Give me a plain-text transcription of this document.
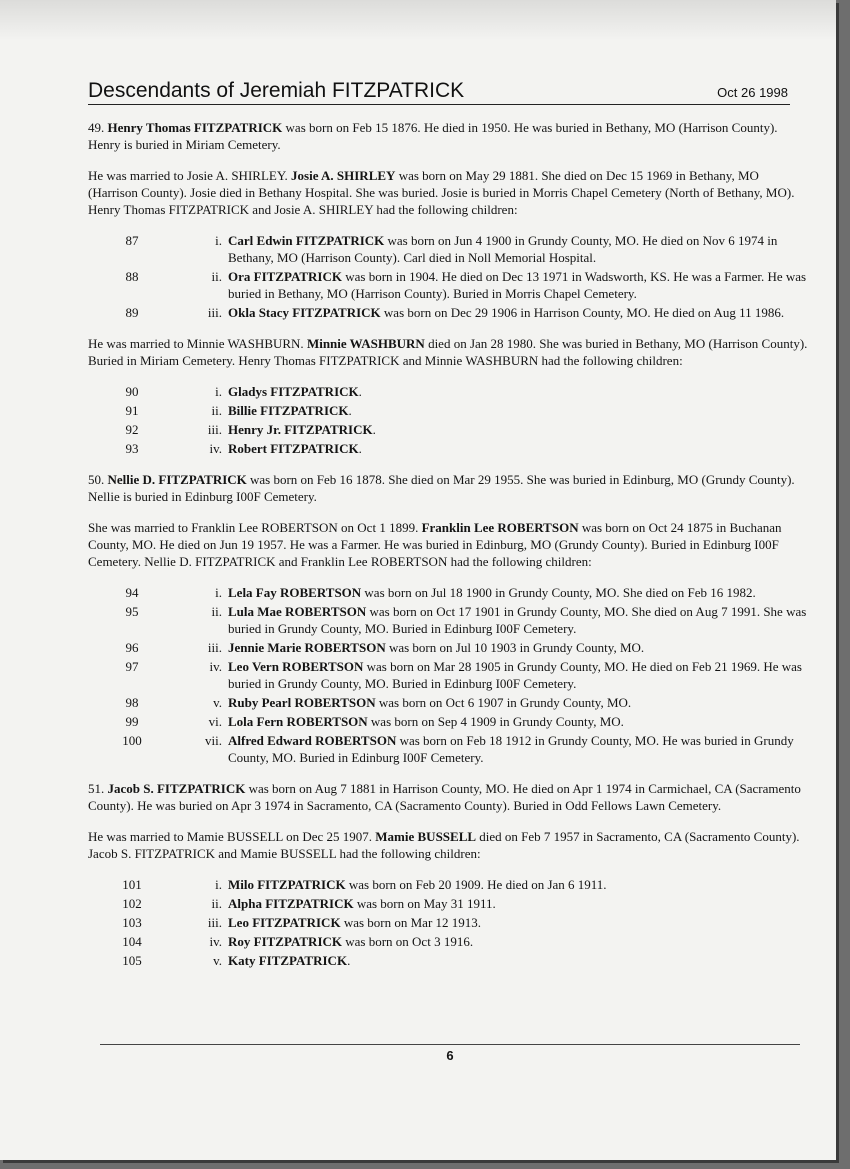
Descendants of Jeremiah FITZPATRICK	Oct 26 1998

49. Henry Thomas FITZPATRICK was born on Feb 15 1876. He died in 1950. He was buried in Bethany, MO (Harrison County). Henry is buried in Miriam Cemetery.

He was married to Josie A. SHIRLEY. Josie A. SHIRLEY was born on May 29 1881. She died on Dec 15 1969 in Bethany, MO (Harrison County). Josie died in Bethany Hospital. She was buried. Josie is buried in Morris Chapel Cemetery (North of Bethany, MO). Henry Thomas FITZPATRICK and Josie A. SHIRLEY had the following children:

87	i. Carl Edwin FITZPATRICK was born on Jun 4 1900 in Grundy County, MO. He died on Nov 6 1974 in Bethany, MO (Harrison County). Carl died in Noll Memorial Hospital.
88	ii. Ora FITZPATRICK was born in 1904. He died on Dec 13 1971 in Wadsworth, KS. He was a Farmer. He was buried in Bethany, MO (Harrison County). Buried in Morris Chapel Cemetery.
89	iii. Okla Stacy FITZPATRICK was born on Dec 29 1906 in Harrison County, MO. He died on Aug 11 1986.

He was married to Minnie WASHBURN. Minnie WASHBURN died on Jan 28 1980. She was buried in Bethany, MO (Harrison County). Buried in Miriam Cemetery. Henry Thomas FITZPATRICK and Minnie WASHBURN had the following children:

90	i. Gladys FITZPATRICK.
91	ii. Billie FITZPATRICK.
92	iii. Henry Jr. FITZPATRICK.
93	iv. Robert FITZPATRICK.

50. Nellie D. FITZPATRICK was born on Feb 16 1878. She died on Mar 29 1955. She was buried in Edinburg, MO (Grundy County). Nellie is buried in Edinburg I00F Cemetery.

She was married to Franklin Lee ROBERTSON on Oct 1 1899. Franklin Lee ROBERTSON was born on Oct 24 1875 in Buchanan County, MO. He died on Jun 19 1957. He was a Farmer. He was buried in Edinburg, MO (Grundy County). Buried in Edinburg I00F Cemetery. Nellie D. FITZPATRICK and Franklin Lee ROBERTSON had the following children:

94	i. Lela Fay ROBERTSON was born on Jul 18 1900 in Grundy County, MO. She died on Feb 16 1982.
95	ii. Lula Mae ROBERTSON was born on Oct 17 1901 in Grundy County, MO. She died on Aug 7 1991. She was buried in Grundy County, MO. Buried in Edinburg I00F Cemetery.
96	iii. Jennie Marie ROBERTSON was born on Jul 10 1903 in Grundy County, MO.
97	iv. Leo Vern ROBERTSON was born on Mar 28 1905 in Grundy County, MO. He died on Feb 21 1969. He was buried in Grundy County, MO. Buried in Edinburg I00F Cemetery.
98	v. Ruby Pearl ROBERTSON was born on Oct 6 1907 in Grundy County, MO.
99	vi. Lola Fern ROBERTSON was born on Sep 4 1909 in Grundy County, MO.
100	vii. Alfred Edward ROBERTSON was born on Feb 18 1912 in Grundy County, MO. He was buried in Grundy County, MO. Buried in Edinburg I00F Cemetery.

51. Jacob S. FITZPATRICK was born on Aug 7 1881 in Harrison County, MO. He died on Apr 1 1974 in Carmichael, CA (Sacramento County). He was buried on Apr 3 1974 in Sacramento, CA (Sacramento County). Buried in Odd Fellows Lawn Cemetery.

He was married to Mamie BUSSELL on Dec 25 1907. Mamie BUSSELL died on Feb 7 1957 in Sacramento, CA (Sacramento County). Jacob S. FITZPATRICK and Mamie BUSSELL had the following children:

101	i. Milo FITZPATRICK was born on Feb 20 1909. He died on Jan 6 1911.
102	ii. Alpha FITZPATRICK was born on May 31 1911.
103	iii. Leo FITZPATRICK was born on Mar 12 1913.
104	iv. Roy FITZPATRICK was born on Oct 3 1916.
105	v. Katy FITZPATRICK.
6
